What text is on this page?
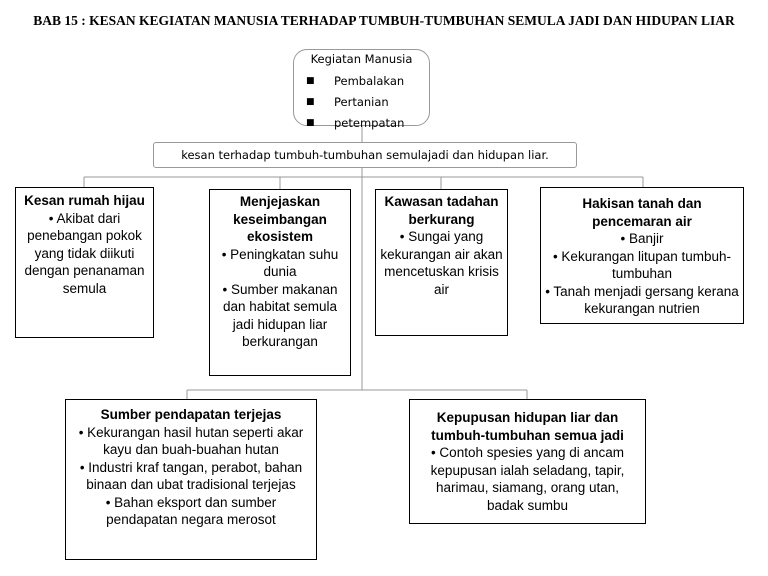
BAB 15 : KESAN KEGIATAN MANUSIA TERHADAP TUMBUH-TUMBUHAN SEMULA JADI DAN HIDUPAN LIAR
Kegiatan Manusia
■ Pembalakan
■ Pertanian
■ petempatan
kesan terhadap tumbuh-tumbuhan semulajadi dan hidupan liar.
Kesan rumah hijau
• Akibat dari penebangan pokok yang tidak diikuti dengan penanaman semula
Menjejaskan keseimbangan ekosistem
• Peningkatan suhu dunia
• Sumber makanan dan habitat semula jadi hidupan liar berkurangan
Kawasan tadahan berkurang
• Sungai yang kekurangan air akan mencetuskan krisis air
Hakisan tanah dan pencemaran air
• Banjir
• Kekurangan litupan tumbuh-tumbuhan
• Tanah menjadi gersang kerana kekurangan nutrien
Sumber pendapatan terjejas
• Kekurangan hasil hutan seperti akar kayu dan buah-buahan hutan
• Industri kraf tangan, perabot, bahan binaan dan ubat tradisional terjejas
• Bahan eksport dan sumber pendapatan negara merosot
Kepupusan hidupan liar dan tumbuh-tumbuhan semua jadi
• Contoh spesies yang di ancam kepupusan ialah seladang, tapir, harimau, siamang, orang utan, badak sumbu
